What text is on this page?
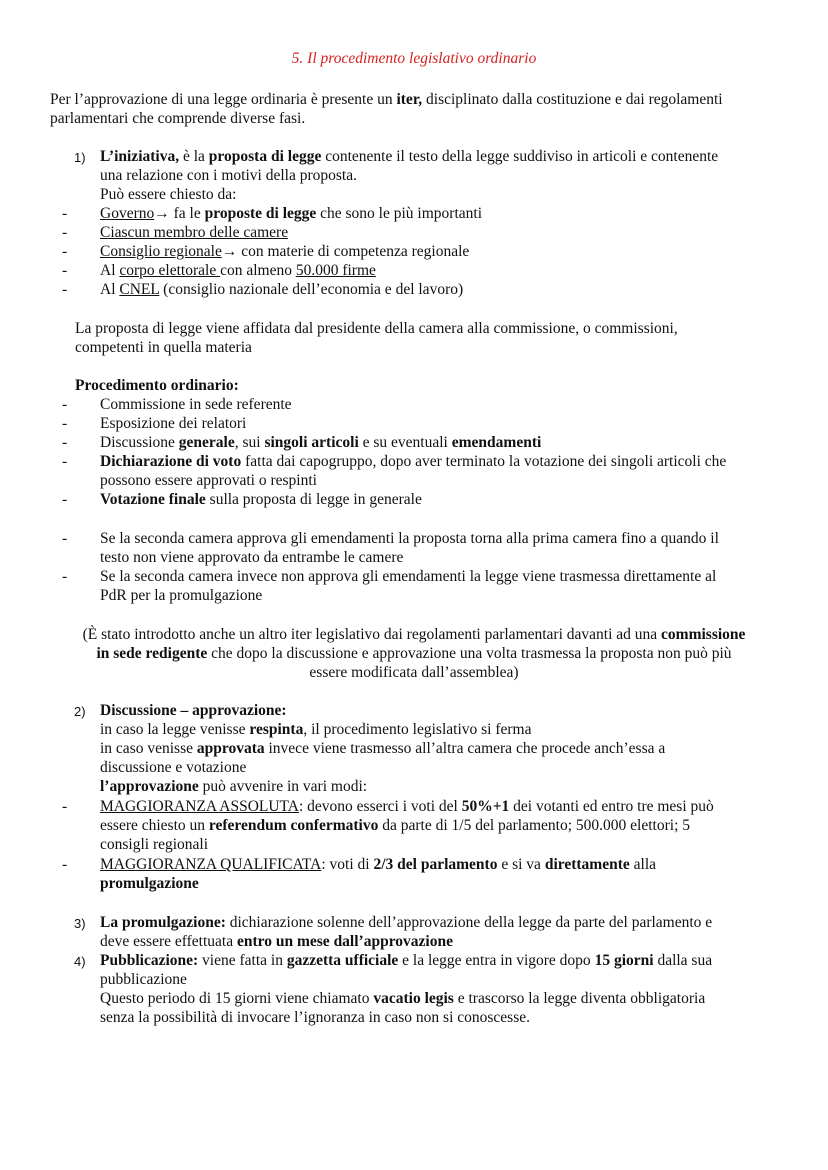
5. Il procedimento legislativo ordinario
Per l’approvazione di una legge ordinaria è presente un iter, disciplinato dalla costituzione e dai regolamenti
parlamentari che comprende diverse fasi.
1) L’iniziativa, è la proposta di legge contenente il testo della legge suddiviso in articoli e contenente
una relazione con i motivi della proposta.
Può essere chiesto da:
- Governo→ fa le proposte di legge che sono le più importanti
- Ciascun membro delle camere
- Consiglio regionale→ con materie di competenza regionale
- Al corpo elettorale con almeno 50.000 firme
- Al CNEL (consiglio nazionale dell’economia e del lavoro)
La proposta di legge viene affidata dal presidente della camera alla commissione, o commissioni,
competenti in quella materia
Procedimento ordinario:
- Commissione in sede referente
- Esposizione dei relatori
- Discussione generale, sui singoli articoli e su eventuali emendamenti
- Dichiarazione di voto fatta dai capogruppo, dopo aver terminato la votazione dei singoli articoli che
possono essere approvati o respinti
- Votazione finale sulla proposta di legge in generale
- Se la seconda camera approva gli emendamenti la proposta torna alla prima camera fino a quando il
testo non viene approvato da entrambe le camere
- Se la seconda camera invece non approva gli emendamenti la legge viene trasmessa direttamente al
PdR per la promulgazione
(È stato introdotto anche un altro iter legislativo dai regolamenti parlamentari davanti ad una commissione
in sede redigente che dopo la discussione e approvazione una volta trasmessa la proposta non può più
essere modificata dall’assemblea)
2) Discussione – approvazione:
in caso la legge venisse respinta, il procedimento legislativo si ferma
in caso venisse approvata invece viene trasmesso all’altra camera che procede anch’essa a
discussione e votazione
l’approvazione può avvenire in vari modi:
- MAGGIORANZA ASSOLUTA: devono esserci i voti del 50%+1 dei votanti ed entro tre mesi può
essere chiesto un referendum confermativo da parte di 1/5 del parlamento; 500.000 elettori; 5
consigli regionali
- MAGGIORANZA QUALIFICATA: voti di 2/3 del parlamento e si va direttamente alla
promulgazione
3) La promulgazione: dichiarazione solenne dell’approvazione della legge da parte del parlamento e
deve essere effettuata entro un mese dall’approvazione
4) Pubblicazione: viene fatta in gazzetta ufficiale e la legge entra in vigore dopo 15 giorni dalla sua
pubblicazione
Questo periodo di 15 giorni viene chiamato vacatio legis e trascorso la legge diventa obbligatoria
senza la possibilità di invocare l’ignoranza in caso non si conoscesse.
